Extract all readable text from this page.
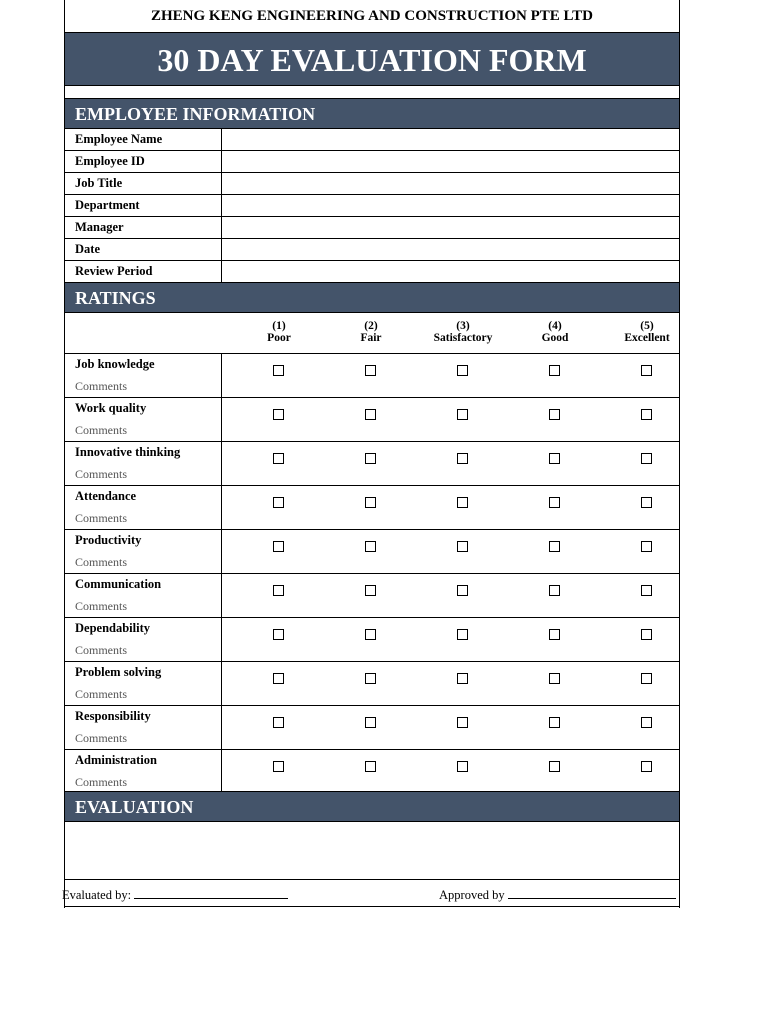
ZHENG KENG ENGINEERING AND CONSTRUCTION PTE LTD
30 DAY EVALUATION FORM
EMPLOYEE INFORMATION
Employee Name
Employee ID
Job Title
Department
Manager
Date
Review Period
RATINGS
(1)
Poor
(2)
Fair
(3)
Satisfactory
(4)
Good
(5)
Excellent
Job knowledge
Comments
Work quality
Comments
Innovative thinking
Comments
Attendance
Comments
Productivity
Comments
Communication
Comments
Dependability
Comments
Problem solving
Comments
Responsibility
Comments
Administration
Comments
EVALUATION
Evaluated by:	Approved by
